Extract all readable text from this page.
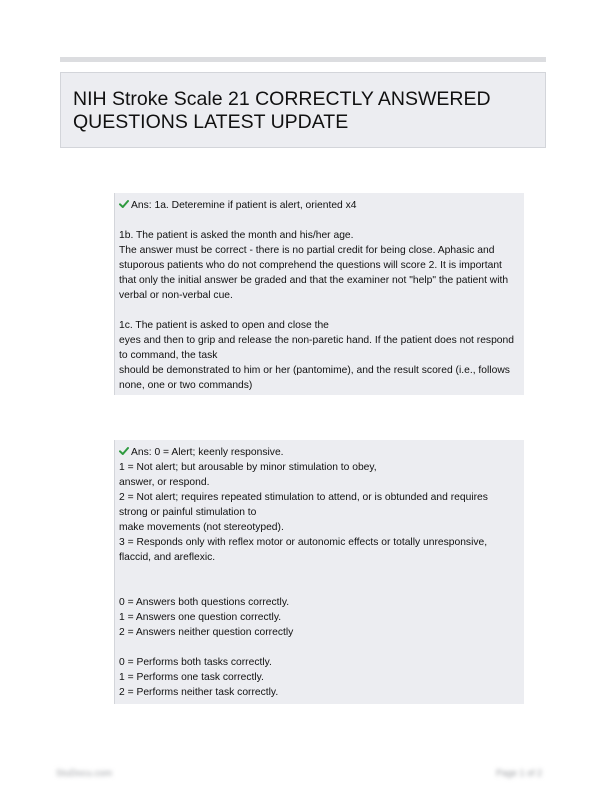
NIH Stroke Scale 21 CORRECTLY ANSWERED QUESTIONS LATEST UPDATE
Ans: 1a. Deteremine if patient is alert, oriented x4

1b. The patient is asked the month and his/her age.

The answer must be correct - there is no partial credit for being close. Aphasic and stuporous patients who do not comprehend the questions will score 2. It is important that only the initial answer be graded and that the examiner not "help" the patient with verbal or non-verbal cue.

1c. The patient is asked to open and close the

eyes and then to grip and release the non-paretic hand. If the patient does not respond to command, the task

should be demonstrated to him or her (pantomime), and the result scored (i.e., follows none, one or two commands)

Ans: 0 = Alert; keenly responsive.

1 = Not alert; but arousable by minor stimulation to obey,

answer, or respond.

2 = Not alert; requires repeated stimulation to attend, or is obtunded and requires strong or painful stimulation to

make movements (not stereotyped).

3 = Responds only with reflex motor or autonomic effects or totally unresponsive, flaccid, and areflexic.

0 = Answers both questions correctly.

1 = Answers one question correctly.

2 = Answers neither question correctly

0 = Performs both tasks correctly.

1 = Performs one task correctly.

2 = Performs neither task correctly.

StuDocu.com	Page 1 of 2
